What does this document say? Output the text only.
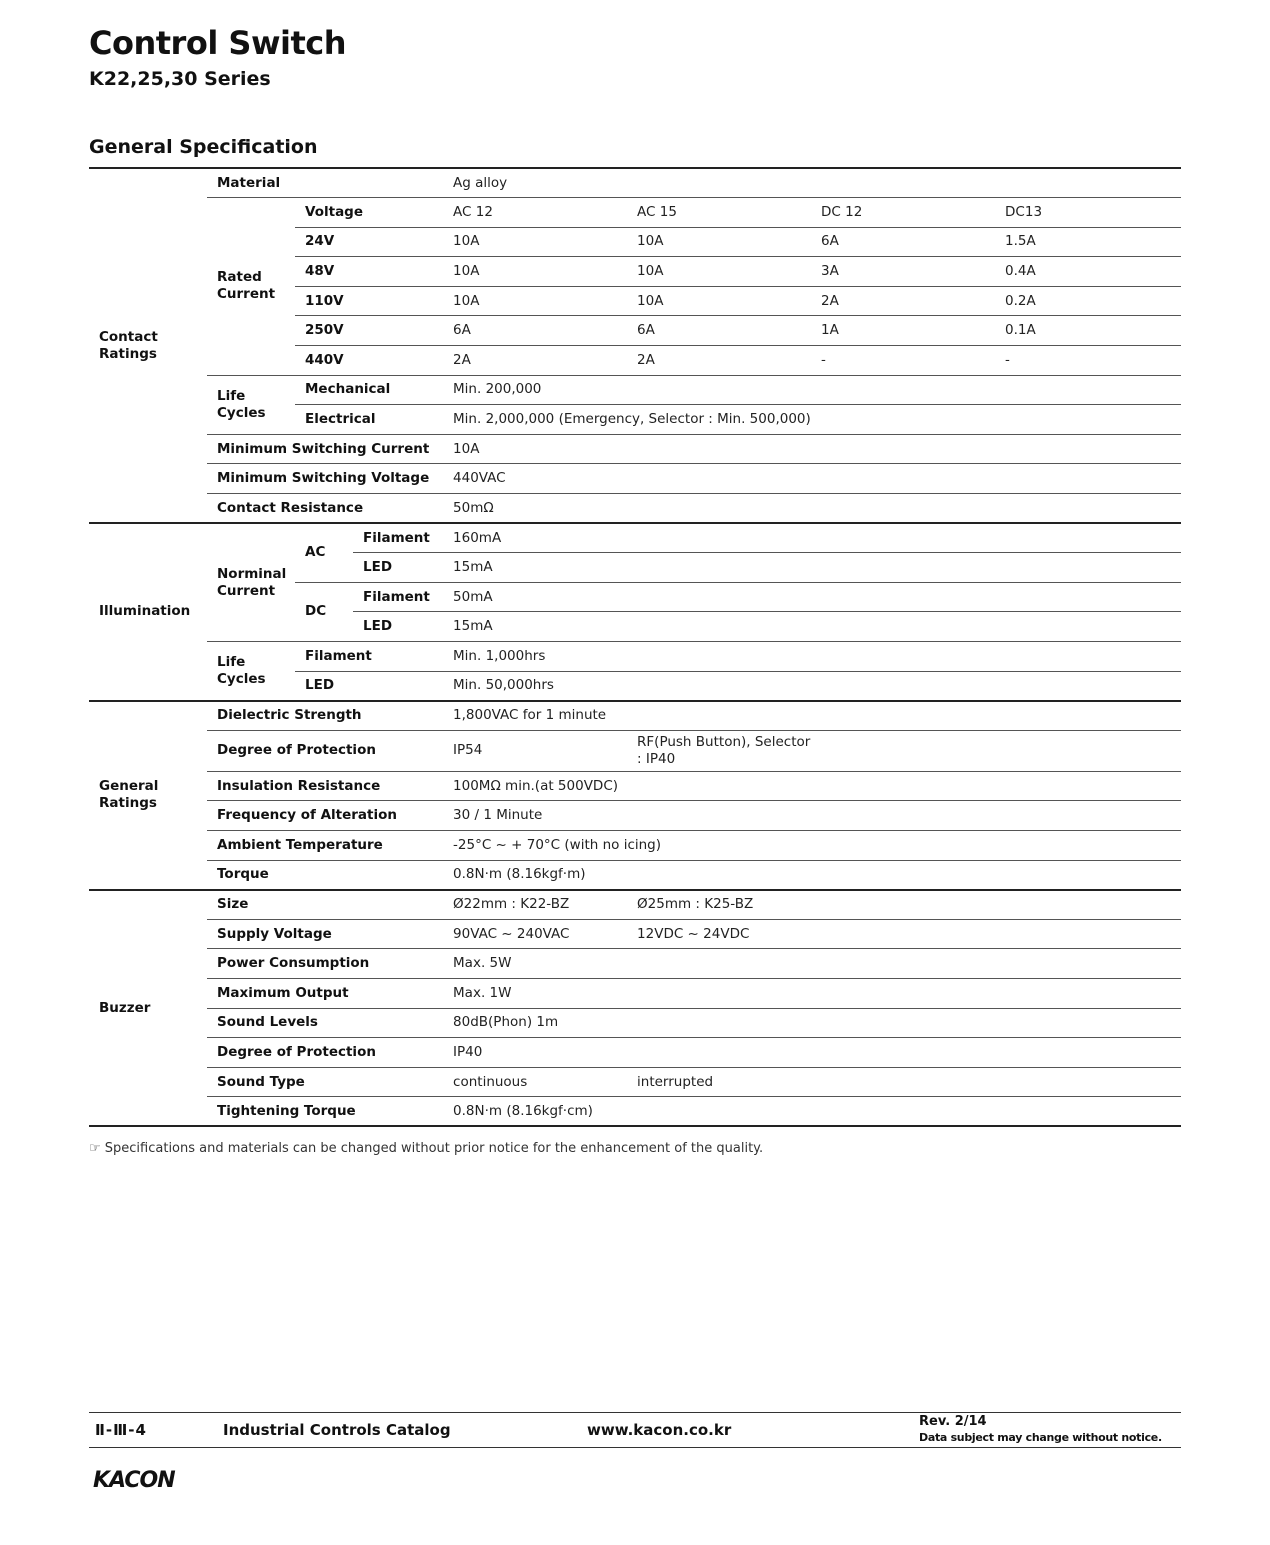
Control Switch
K22,25,30 Series
General Specification
Contact
Ratings	Material			Ag alloy			
	Rated
Current	Voltage		AC 12	AC 15	DC 12	DC13
		24V		10A	10A	6A	1.5A
		48V		10A	10A	3A	0.4A
		110V		10A	10A	2A	0.2A
		250V		6A	6A	1A	0.1A
		440V		2A	2A	-	-
	Life
Cycles	Mechanical		Min. 200,000			
		Electrical		Min. 2,000,000 (Emergency, Selector : Min. 500,000)			
	Minimum Switching Current			10A			
	Minimum Switching Voltage			440VAC			
	Contact Resistance			50mΩ			
Illumination	Norminal
Current	AC	Filament	160mA			
			LED	15mA			
		DC	Filament	50mA			
			LED	15mA			
	Life
Cycles	Filament		Min. 1,000hrs			
		LED		Min. 50,000hrs			
General
Ratings	Dielectric Strength			1,800VAC for 1 minute			
	Degree of Protection			IP54	RF(Push Button), Selector
: IP40		
	Insulation Resistance			100MΩ min.(at 500VDC)			
	Frequency of Alteration			30 / 1 Minute			
	Ambient Temperature			-25°C ~ + 70°C (with no icing)			
	Torque			0.8N·m (8.16kgf·m)			
Buzzer	Size			Ø22mm : K22-BZ	Ø25mm : K25-BZ		
	Supply Voltage			90VAC ~ 240VAC	12VDC ~ 24VDC		
	Power Consumption			Max. 5W			
	Maximum Output			Max. 1W			
	Sound Levels			80dB(Phon) 1m			
	Degree of Protection			IP40			
	Sound Type			continuous	interrupted		
	Tightening Torque			0.8N·m (8.16kgf·cm)			
☞ Specifications and materials can be changed without prior notice for the enhancement of the quality.
Ⅱ-Ⅲ-4	Industrial Controls Catalog	www.kacon.co.kr	Rev. 2/14
Data subject may change without notice.
KACON
